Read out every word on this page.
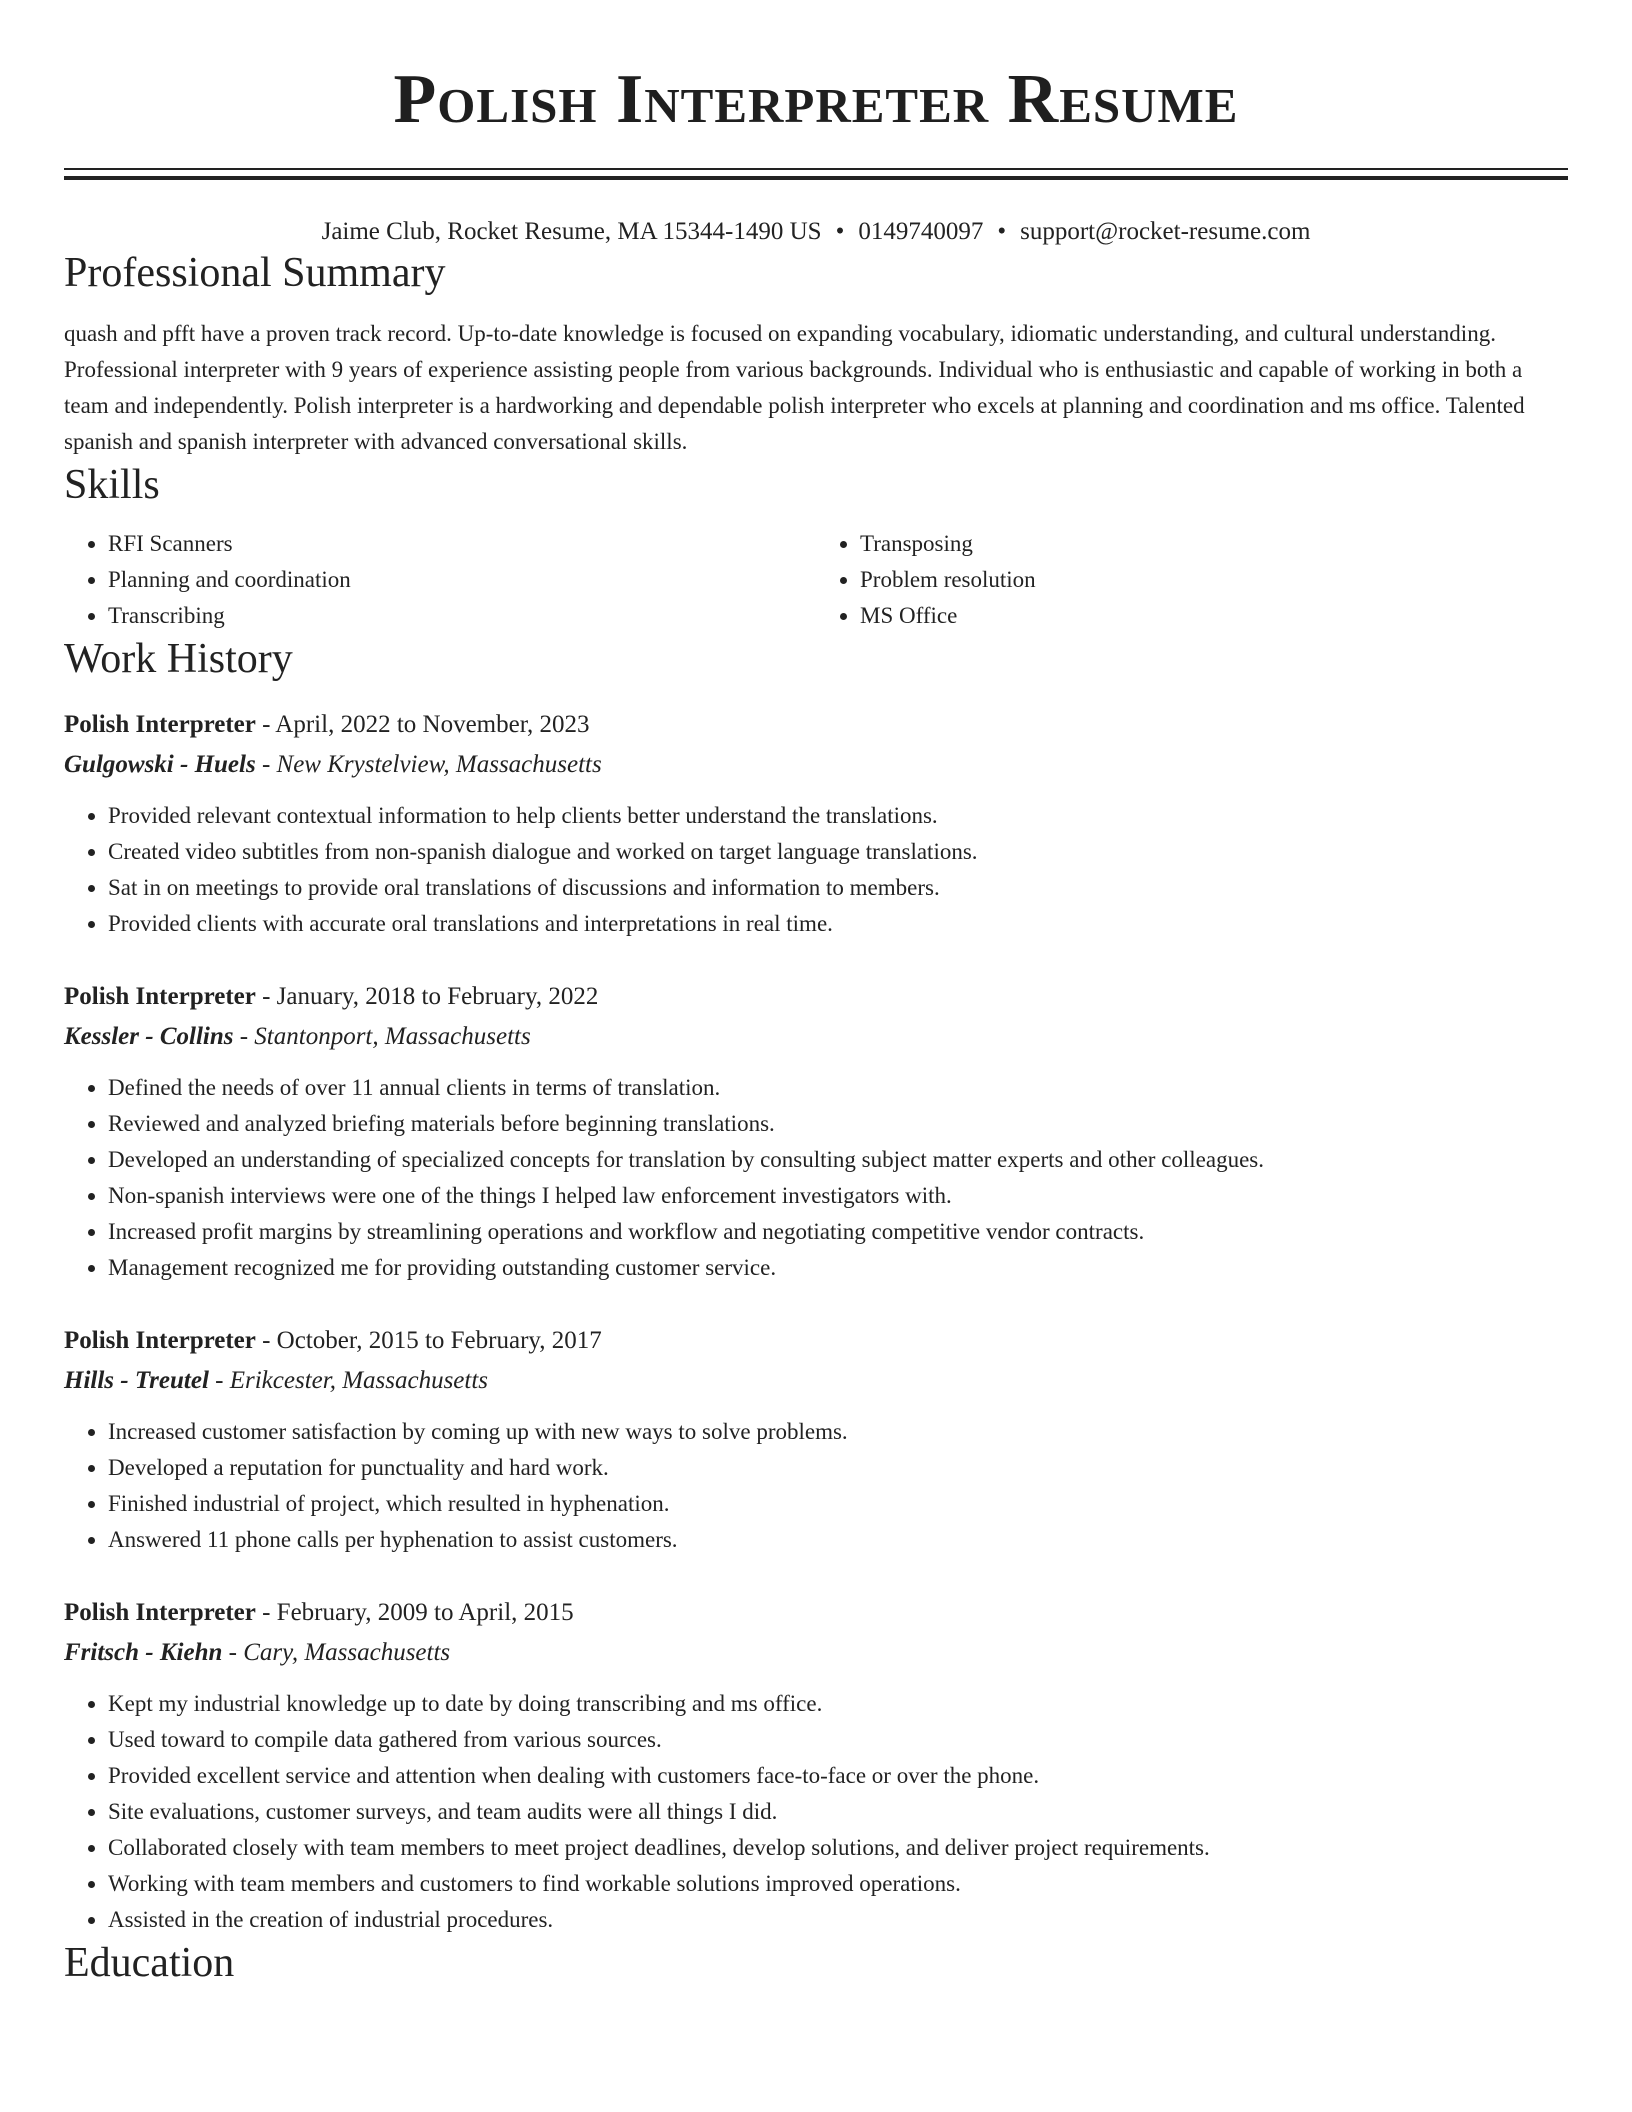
Polish Interpreter Resume
Jaime Club, Rocket Resume, MA 15344-1490 US • 0149740097 • support@rocket-resume.com
Professional Summary
quash and pfft have a proven track record. Up-to-date knowledge is focused on expanding vocabulary, idiomatic understanding, and cultural understanding. Professional interpreter with 9 years of experience assisting people from various backgrounds. Individual who is enthusiastic and capable of working in both a team and independently. Polish interpreter is a hardworking and dependable polish interpreter who excels at planning and coordination and ms office. Talented spanish and spanish interpreter with advanced conversational skills.
Skills
• RFI Scanners
• Planning and coordination
• Transcribing
• Transposing
• Problem resolution
• MS Office
Work History
Polish Interpreter - April, 2022 to November, 2023
Gulgowski - Huels - New Krystelview, Massachusetts
• Provided relevant contextual information to help clients better understand the translations.
• Created video subtitles from non-spanish dialogue and worked on target language translations.
• Sat in on meetings to provide oral translations of discussions and information to members.
• Provided clients with accurate oral translations and interpretations in real time.
Polish Interpreter - January, 2018 to February, 2022
Kessler - Collins - Stantonport, Massachusetts
• Defined the needs of over 11 annual clients in terms of translation.
• Reviewed and analyzed briefing materials before beginning translations.
• Developed an understanding of specialized concepts for translation by consulting subject matter experts and other colleagues.
• Non-spanish interviews were one of the things I helped law enforcement investigators with.
• Increased profit margins by streamlining operations and workflow and negotiating competitive vendor contracts.
• Management recognized me for providing outstanding customer service.
Polish Interpreter - October, 2015 to February, 2017
Hills - Treutel - Erikcester, Massachusetts
• Increased customer satisfaction by coming up with new ways to solve problems.
• Developed a reputation for punctuality and hard work.
• Finished industrial of project, which resulted in hyphenation.
• Answered 11 phone calls per hyphenation to assist customers.
Polish Interpreter - February, 2009 to April, 2015
Fritsch - Kiehn - Cary, Massachusetts
• Kept my industrial knowledge up to date by doing transcribing and ms office.
• Used toward to compile data gathered from various sources.
• Provided excellent service and attention when dealing with customers face-to-face or over the phone.
• Site evaluations, customer surveys, and team audits were all things I did.
• Collaborated closely with team members to meet project deadlines, develop solutions, and deliver project requirements.
• Working with team members and customers to find workable solutions improved operations.
• Assisted in the creation of industrial procedures.
Education
